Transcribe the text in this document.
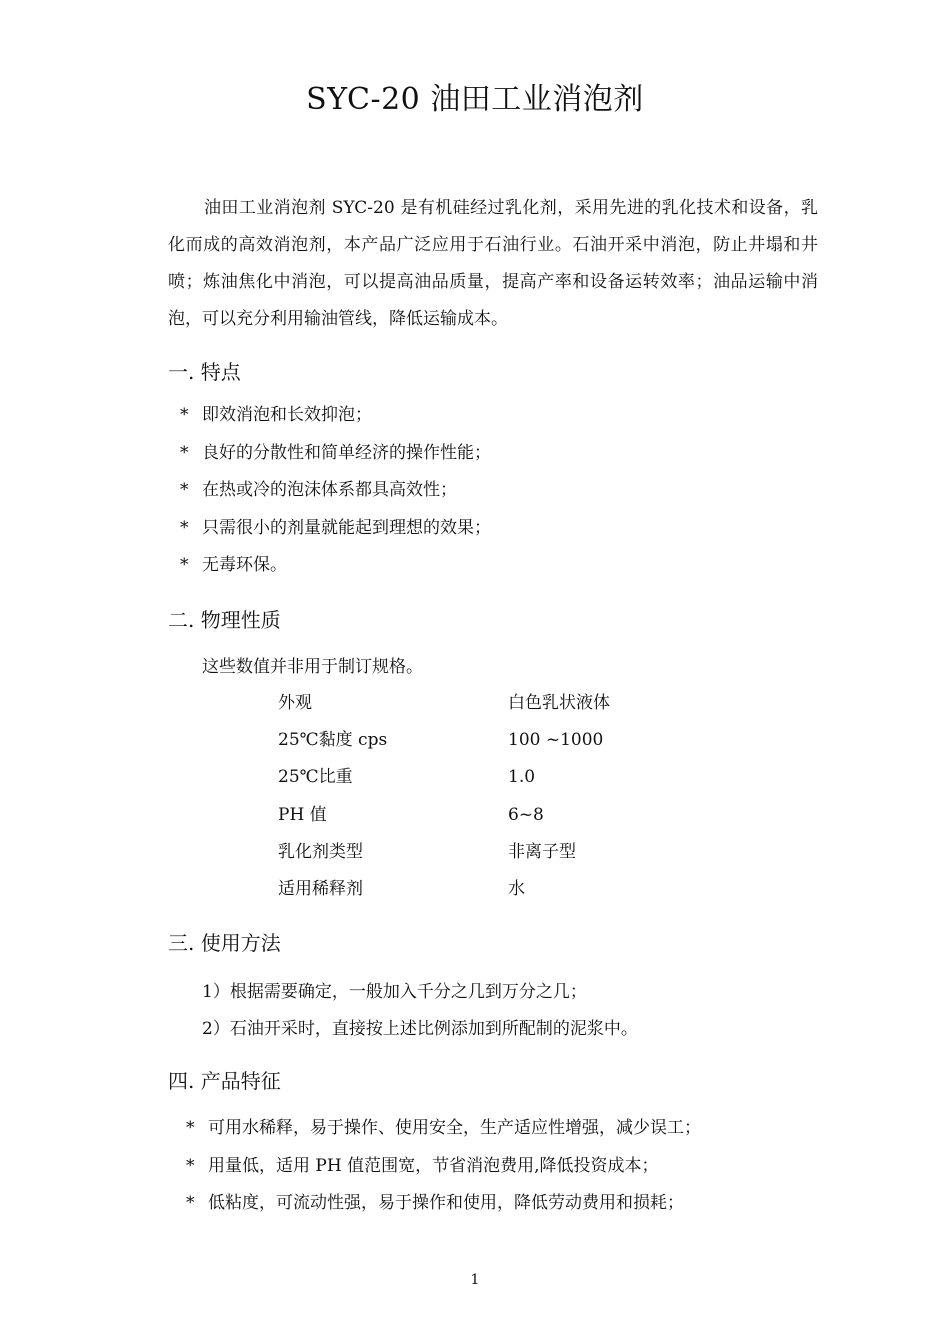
SYC-20 油田工业消泡剂

油田工业消泡剂 SYC-20 是有机硅经过乳化剂，采用先进的乳化技术和设备，乳化而成的高效消泡剂，本产品广泛应用于石油行业。石油开采中消泡，防止井塌和井喷；炼油焦化中消泡，可以提高油品质量，提高产率和设备运转效率；油品运输中消泡，可以充分利用输油管线，降低运输成本。

一. 特点
* 即效消泡和长效抑泡；
* 良好的分散性和简单经济的操作性能；
* 在热或冷的泡沫体系都具高效性；
* 只需很小的剂量就能起到理想的效果；
* 无毒环保。
二. 物理性质
这些数值并非用于制订规格。
外观	白色乳状液体
25℃黏度 cps	100 ~1000
25℃比重	1.0
PH 值	6~8
乳化剂类型	非离子型
适用稀释剂	水
三. 使用方法
1）根据需要确定，一般加入千分之几到万分之几；
2）石油开采时，直接按上述比例添加到所配制的泥浆中。
四. 产品特征
* 可用水稀释，易于操作、使用安全，生产适应性增强，减少误工；
* 用量低，适用 PH 值范围宽，节省消泡费用,降低投资成本；
* 低粘度，可流动性强，易于操作和使用，降低劳动费用和损耗；
1
